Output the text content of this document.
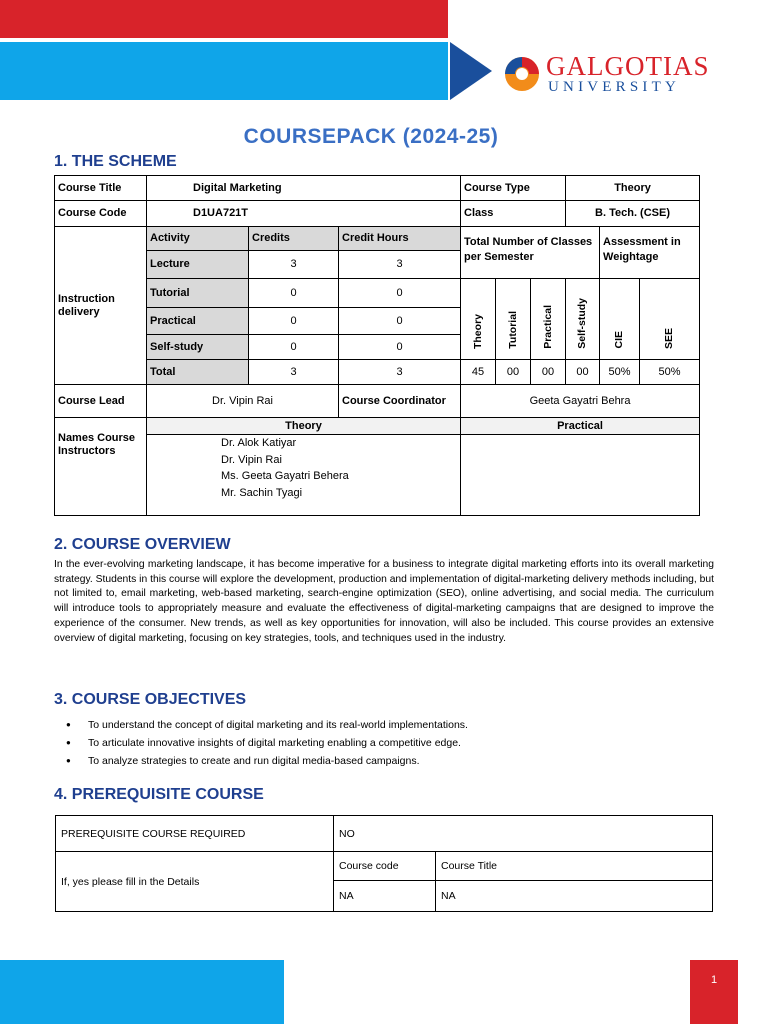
GALGOTIAS
UNIVERSITY
COURSEPACK (2024-25)
1. THE SCHEME
Course Title	Digital Marketing			Course Type			Theory		
Course Code	D1UA721T			Class			B. Tech. (CSE)		
Instruction delivery	Activity	Credits	Credit Hours	Total Number of Classes per Semester				Assessment in Weightage	
	Lecture	3	3						
	Tutorial	0	0	Theory	Tutorial	Practical	Self-study	CIE	SEE
	Practical	0	0						
	Self-study	0	0						
	Total	3	3	45	00	00	00	50%	50%
Course Lead	Dr. Vipin Rai		Course Coordinator	Geeta Gayatri Behra					
Names Course Instructors	Theory			Practical					

	Dr. Alok Katiyar
Dr. Vipin Rai
Ms. Geeta Gayatri Behera
Mr. Sachin Tyagi								

2. COURSE OVERVIEW
In the ever-evolving marketing landscape, it has become imperative for a business to integrate digital marketing efforts into its overall marketing strategy. Students in this course will explore the development, production and implementation of digital-marketing delivery methods including, but not limited to, email marketing, web-based marketing, search-engine optimization (SEO), online advertising, and social media. The curriculum will introduce tools to appropriately measure and evaluate the effectiveness of digital-marketing campaigns that are designed to improve the experience of the consumer. New trends, as well as key opportunities for innovation, will also be included. This course provides an extensive overview of digital marketing, focusing on key strategies, tools, and techniques used in the industry.
3. COURSE OBJECTIVES
● To understand the concept of digital marketing and its real-world implementations.
● To articulate innovative insights of digital marketing enabling a competitive edge.
● To analyze strategies to create and run digital media-based campaigns.
4. PREREQUISITE COURSE
PREREQUISITE COURSE REQUIRED	NO	
If, yes please fill in the Details	Course code	Course Title
	NA	NA
1
